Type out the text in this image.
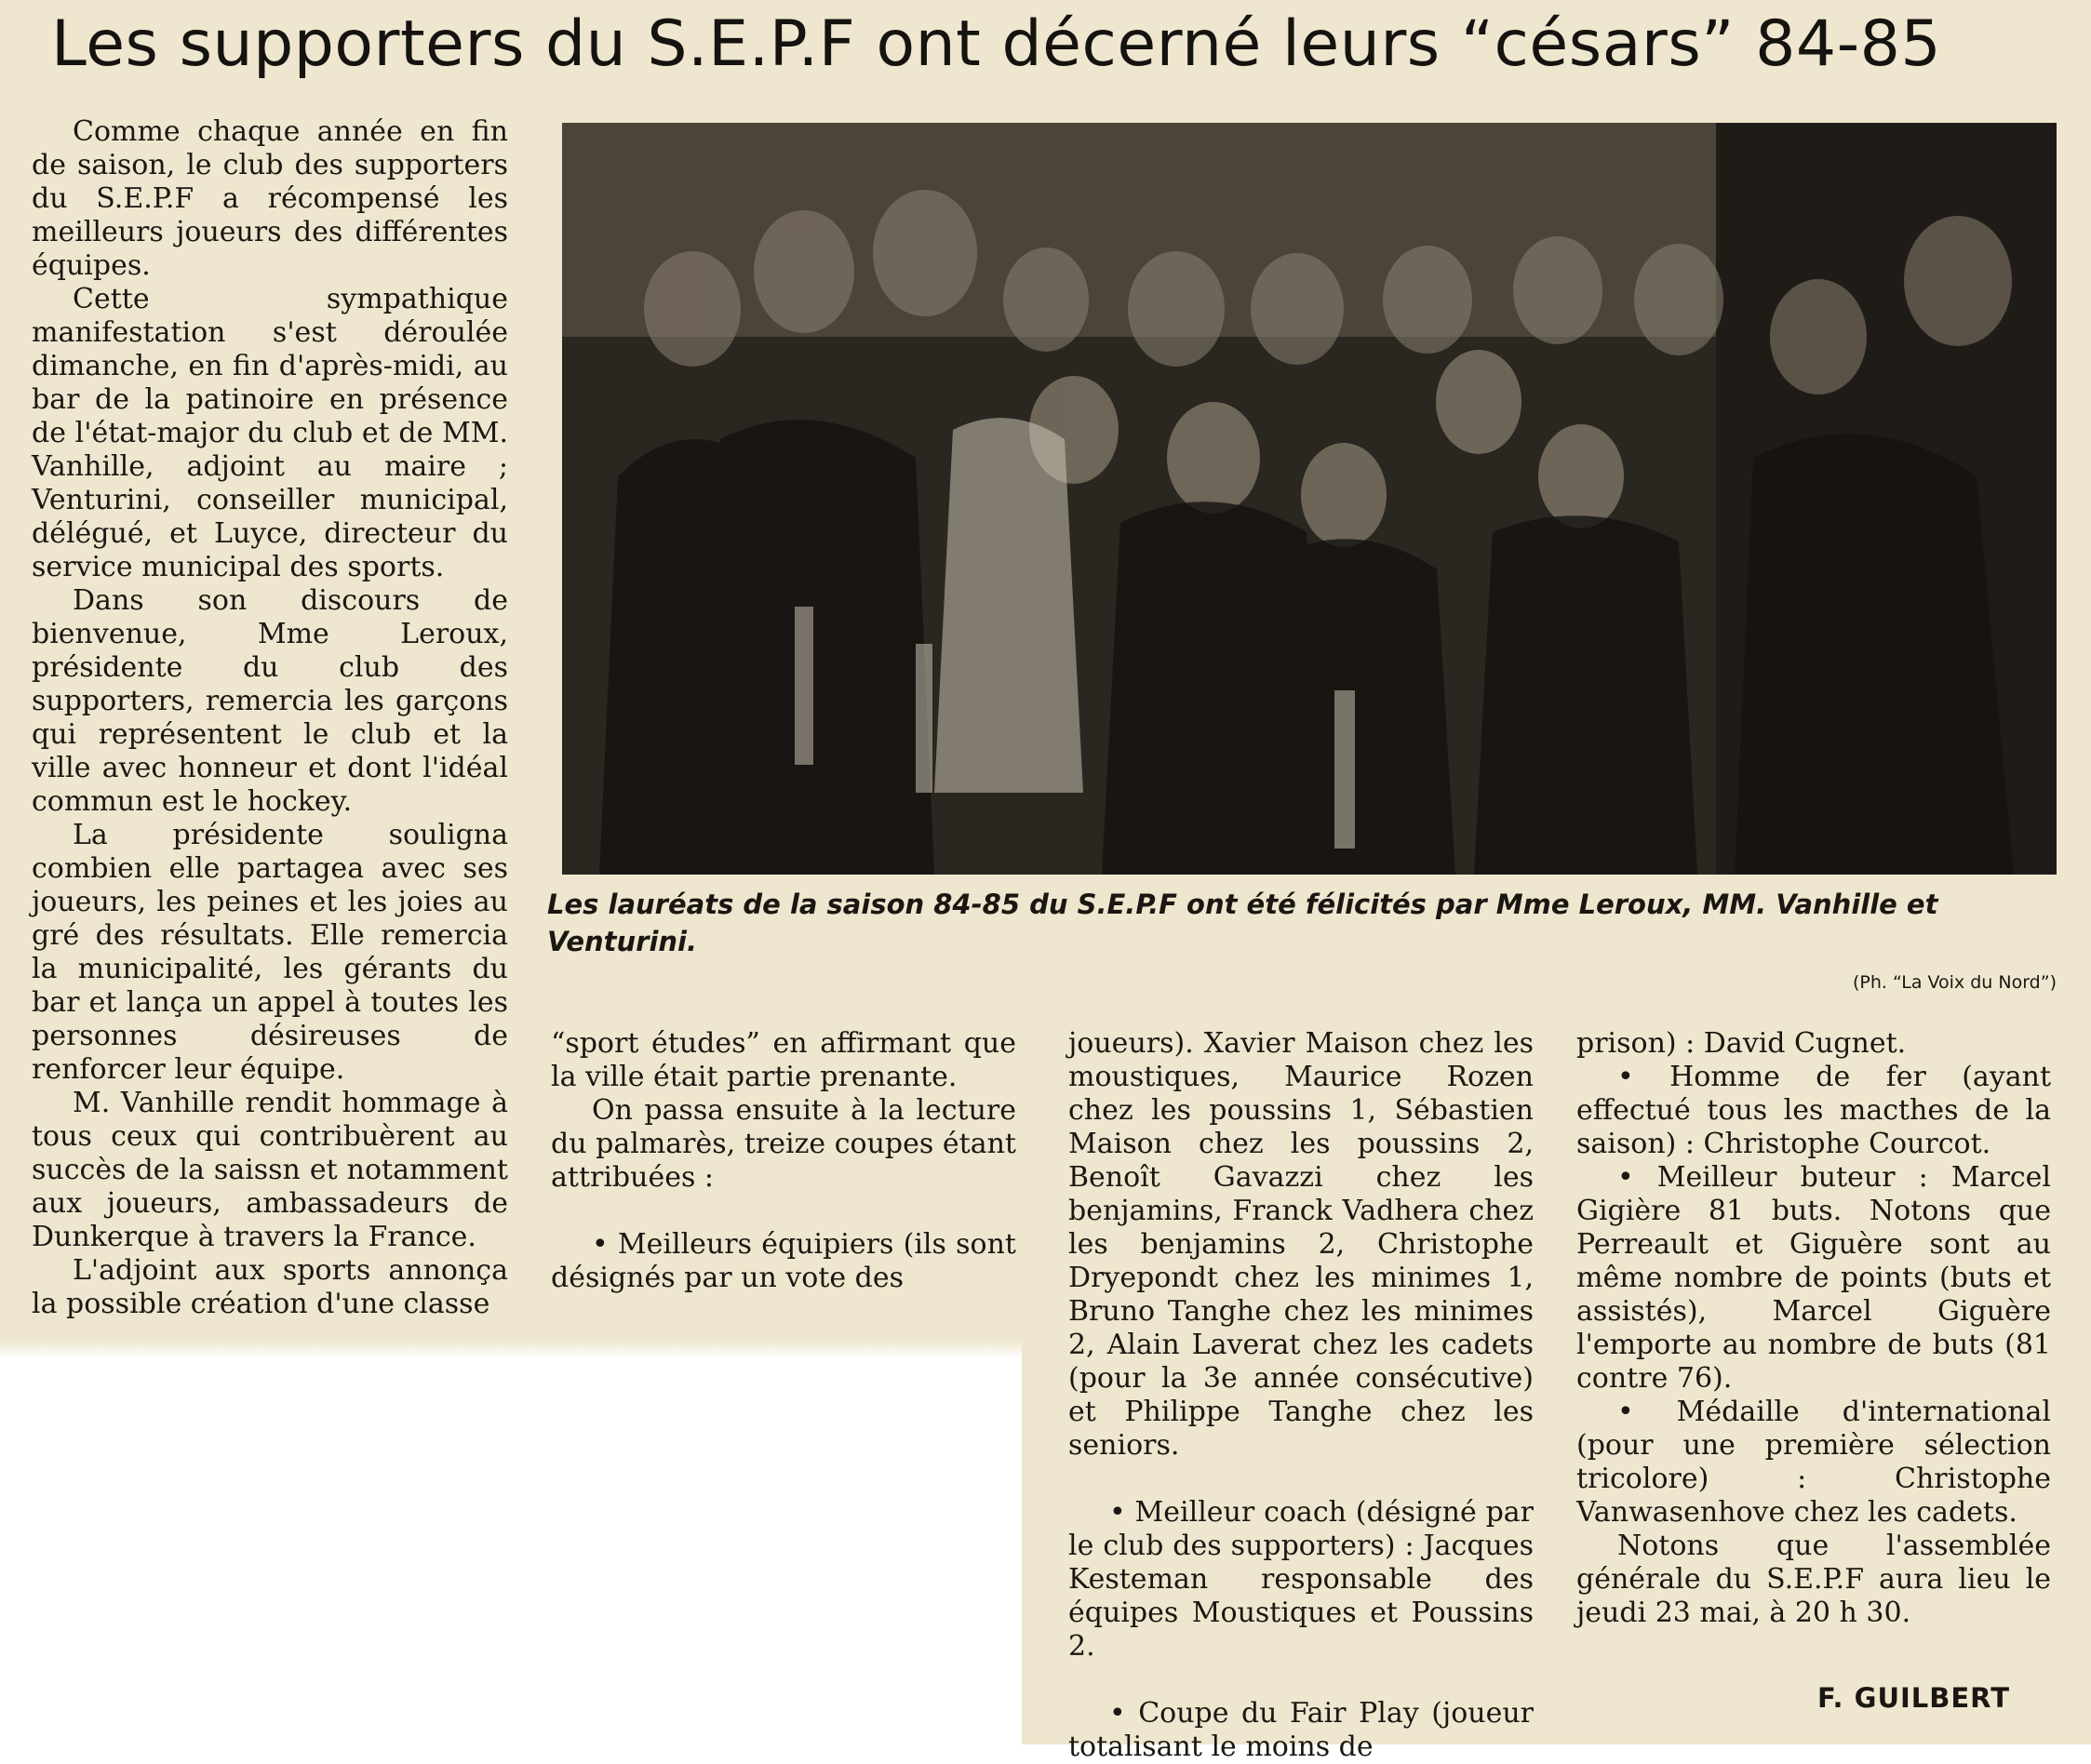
Les supporters du S.E.P.F ont décerné leurs “césars” 84-85

Comme chaque année en fin de saison, le club des supporters du S.E.P.F a récompensé les meilleurs joueurs des différentes équipes.

Cette sympathique manifestation s'est déroulée dimanche, en fin d'après-midi, au bar de la patinoire en présence de l'état-major du club et de MM. Vanhille, adjoint au maire ; Venturini, conseiller municipal, délégué, et Luyce, directeur du service municipal des sports.

Dans son discours de bienvenue, Mme Leroux, présidente du club des supporters, remercia les garçons qui représentent le club et la ville avec honneur et dont l'idéal commun est le hockey.

La présidente souligna combien elle partagea avec ses joueurs, les peines et les joies au gré des résultats. Elle remercia la municipalité, les gérants du bar et lança un appel à toutes les personnes désireuses de renforcer leur équipe.

M. Vanhille rendit hommage à tous ceux qui contribuèrent au succès de la saissn et notamment aux joueurs, ambassadeurs de Dunkerque à travers la France.

L'adjoint aux sports annonça la possible création d'une classe

Les lauréats de la saison 84-85 du S.E.P.F ont été félicités par Mme Leroux, MM. Vanhille et Venturini.
(Ph. “La Voix du Nord”)

“sport études” en affirmant que la ville était partie prenante.

On passa ensuite à la lecture du palmarès, treize coupes étant attribuées :

• Meilleurs équipiers (ils sont désignés par un vote des

joueurs). Xavier Maison chez les moustiques, Maurice Rozen chez les poussins 1, Sébastien Maison chez les poussins 2, Benoît Gavazzi chez les benjamins, Franck Vadhera chez les benjamins 2, Christophe Dryepondt chez les minimes 1, Bruno Tanghe chez les minimes 2, Alain Laverat chez les cadets (pour la 3e année consécutive) et Philippe Tanghe chez les seniors.

• Meilleur coach (désigné par le club des supporters) : Jacques Kesteman responsable des équipes Moustiques et Poussins 2.

• Coupe du Fair Play (joueur totalisant le moins de

prison) : David Cugnet.

• Homme de fer (ayant effectué tous les macthes de la saison) : Christophe Courcot.

• Meilleur buteur : Marcel Gigière 81 buts. Notons que Perreault et Giguère sont au même nombre de points (buts et assistés), Marcel Giguère l'emporte au nombre de buts (81 contre 76).

• Médaille d'international (pour une première sélection tricolore) : Christophe Vanwasenhove chez les cadets.

Notons que l'assemblée générale du S.E.P.F aura lieu le jeudi 23 mai, à 20 h 30.

F. GUILBERT
